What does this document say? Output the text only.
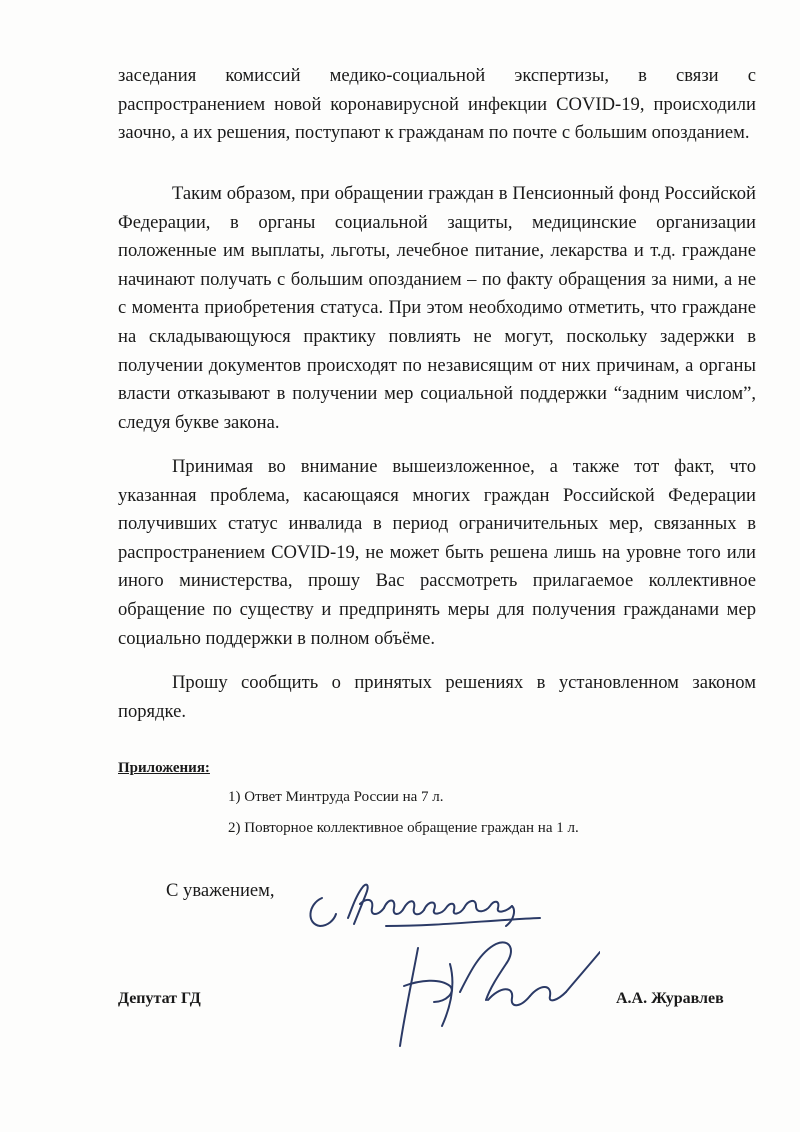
заседания комиссий медико-социальной экспертизы, в связи с распространением новой коронавирусной инфекции COVID-19, происходили заочно, а их решения, поступают к гражданам по почте с большим опозданием.

Таким образом, при обращении граждан в Пенсионный фонд Российской Федерации, в органы социальной защиты, медицинские организации положенные им выплаты, льготы, лечебное питание, лекарства и т.д. граждане начинают получать с большим опозданием – по факту обращения за ними, а не с момента приобретения статуса. При этом необходимо отметить, что граждане на складывающуюся практику повлиять не могут, поскольку задержки в получении документов происходят по независящим от них причинам, а органы власти отказывают в получении мер социальной поддержки “задним числом”, следуя букве закона.

Принимая во внимание вышеизложенное, а также тот факт, что указанная проблема, касающаяся многих граждан Российской Федерации получивших статус инвалида в период ограничительных мер, связанных в распространением COVID-19, не может быть решена лишь на уровне того или иного министерства, прошу Вас рассмотреть прилагаемое коллективное обращение по существу и предпринять меры для получения гражданами мер социально поддержки в полном объёме.

Прошу сообщить о принятых решениях в установленном законом порядке.

Приложения:
1) Ответ Минтруда России на 7 л.
2) Повторное коллективное обращение граждан на 1 л.
С уважением,
Депутат ГД	А.А. Журавлев
